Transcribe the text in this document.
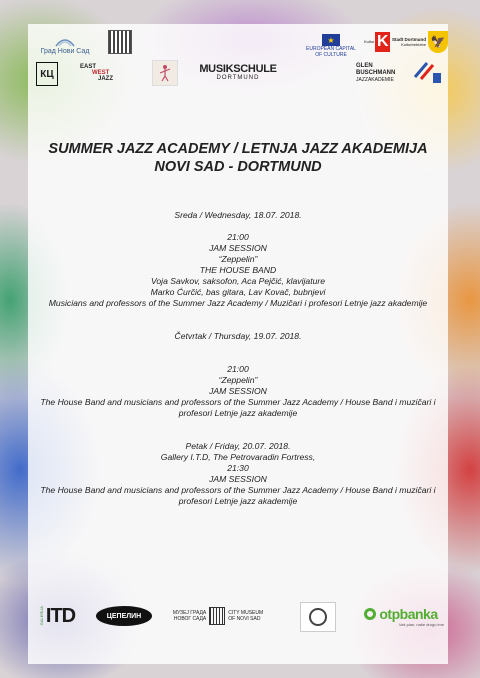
Град Нови Сад
★
EUROPEAN CAPITAL
OF CULTURE
Kultur K Stadt Dortmund
Kulturbetriebe 🦅
КЦ
EAST
WEST
JAZZ
MUSIKSCHULE
DORTMUND
GLEN
BUSCHMANN
JAZZAKADEMIE
SUMMER JAZZ ACADEMY / LETNJA JAZZ AKADEMIJA
NOVI SAD - DORTMUND
Sreda / Wednesday, 18.07. 2018.
21:00
JAM SESSION
“Zeppelin”
THE HOUSE BAND
Voja Savkov, saksofon, Aca Pejčić, klavijature
Marko Ćurčić, bas gitara, Lav Kovač, bubnjevi
Musicians and professors of the Summer Jazz Academy / Muzičari i profesori Letnje jazz akademije
Četvrtak / Thursday, 19.07. 2018.
21:00
“Zeppelin”
JAM SESSION
The House Band and musicians and professors of the Summer Jazz Academy / House Band i muzičari i
profesori Letnje jazz akademije
Petak / Friday, 20.07. 2018.
Gallery I.T.D, The Petrovaradin Fortress,
21:30
JAM SESSION
The House Band and musicians and professors of the Summer Jazz Academy / House Band i muzičari i
profesori Letnje jazz akademije
GALERIJA ITD	ЦЕПЕЛИН	МУЗЕЈ ГРАДА
НОВОГ САДА
CITY MUSEUM
OF NOVI SAD	otpbanka
Vaš plan, naše drugo ime
